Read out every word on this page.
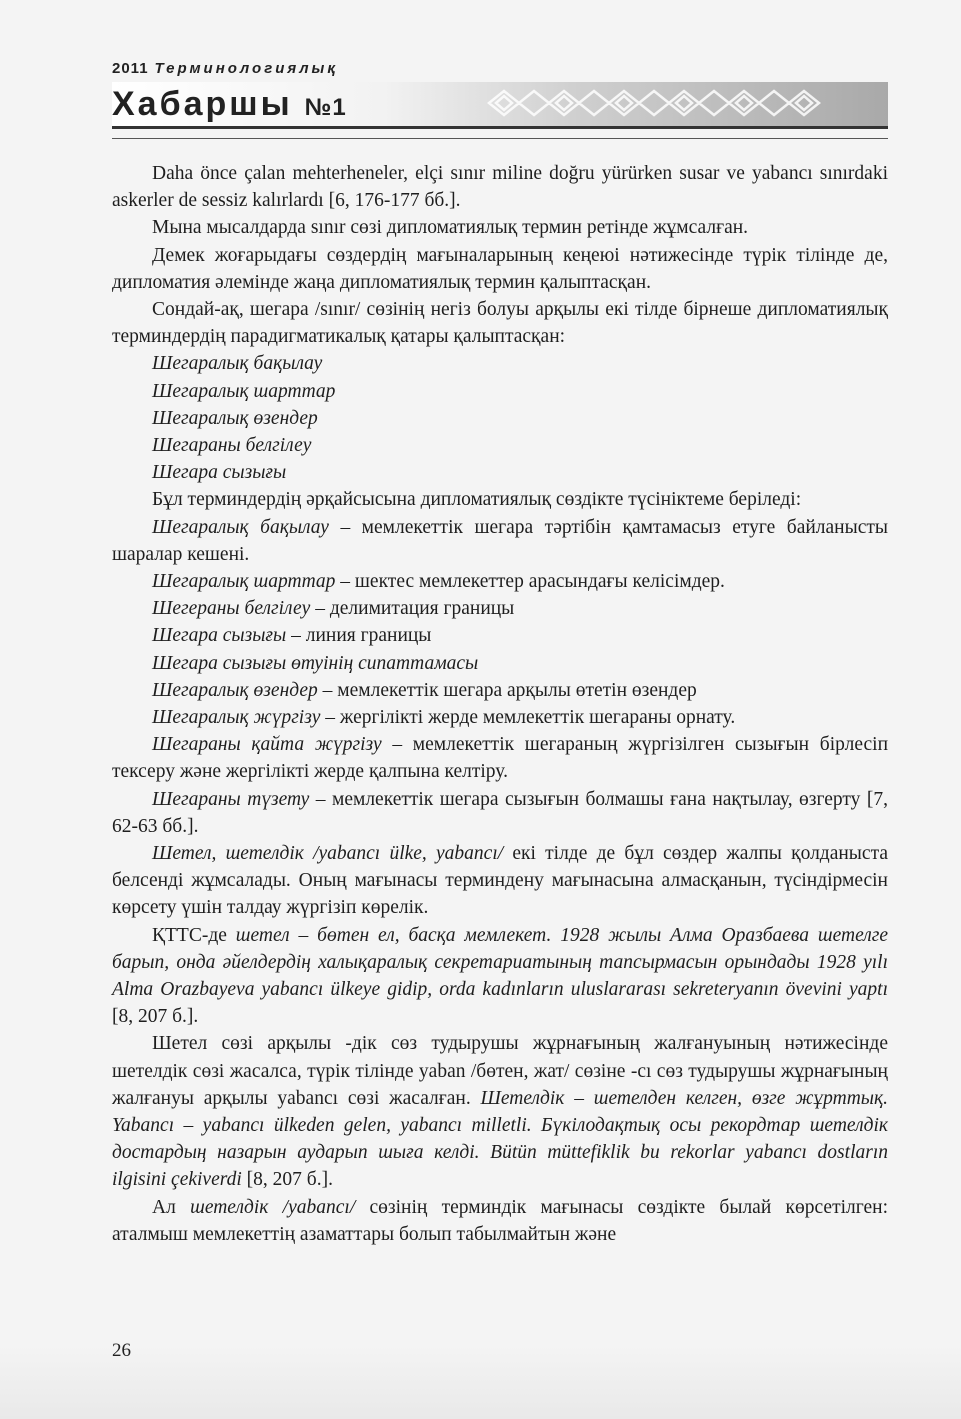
2011 Терминологиялық
Хабаршы №1

Daha önce çalan mehterheneler, elçi sınır miline doğru yürürken susar ve yabancı sınırdaki askerler de sessiz kalırlardı [6, 176-177 бб.].

Мына мысалдарда sınır сөзі дипломатиялық термин ретінде жұмсалған.

Демек жоғарыдағы сөздердің мағыналарының кеңеюі нәтижесінде түрік тілінде де, дипломатия әлемінде жаңа дипломатиялық термин қалыптасқан.

Сондай-ақ, шегара /sınır/ сөзінің негіз болуы арқылы екі тілде бірнеше дипломатиялық терминдердің парадигматикалық қатары қалыптасқан:

Шегаралық бақылау
Шегаралық шарттар
Шегаралық өзендер
Шегараны белгілеу
Шегара сызығы

Бұл терминдердің әрқайсысына дипломатиялық сөздікте түсініктеме беріледі:

Шегаралық бақылау – мемлекеттік шегара тәртібін қамтамасыз етуге байланысты шаралар кешені.

Шегаралық шарттар – шектес мемлекеттер арасындағы келісімдер.

Шегераны белгілеу – делимитация границы

Шегара сызығы – линия границы

Шегара сызығы өтуінің сипаттамасы

Шегаралық өзендер – мемлекеттік шегара арқылы өтетін өзендер

Шегаралық жүргізу – жергілікті жерде мемлекеттік шегараны орнату.

Шегараны қайта жүргізу – мемлекеттік шегараның жүргізілген сызығын бірлесіп тексеру және жергілікті жерде қалпына келтіру.

Шегараны түзету – мемлекеттік шегара сызығын болмашы ғана нақтылау, өзгерту [7, 62-63 бб.].

Шетел, шетелдік /yabancı ülke, yabancı/ екі тілде де бұл сөздер жалпы қолданыста белсенді жұмсалады. Оның мағынасы терминдену мағынасына алмасқанын, түсіндірмесін көрсету үшін талдау жүргізіп көрелік.

ҚТТС-де шетел – бөтен ел, басқа мемлекет. 1928 жылы Алма Оразбаева шетелге барып, онда әйелдердің халықаралық секретариатының тапсырмасын орындады 1928 yılı Alma Orazbayeva yabancı ülkeye gidip, orda kadınların uluslararası sekreteryanın övevini yaptı [8, 207 б.].

Шетел сөзі арқылы -дік сөз тудырушы жұрнағының жалғануының нәтижесінде шетелдік сөзі жасалса, түрік тілінде yaban /бөтен, жат/ сөзіне -cı сөз тудырушы жұрнағының жалғануы арқылы yabancı сөзі жасалған. Шетелдік – шетелден келген, өзге жұрттық. Yabancı – yabancı ülkeden gelen, yabancı milletli. Бүкілодақтық осы рекордтар шетелдік достардың назарын аударып шыға келді. Bütün müttefiklik bu rekorlar yabancı dostların ilgisini çekiverdi [8, 207 б.].

Ал шетелдік /yabancı/ сөзінің терминдік мағынасы сөздікте былай көрсетілген: аталмыш мемлекеттің азаматтары болып табылмайтын және

26
